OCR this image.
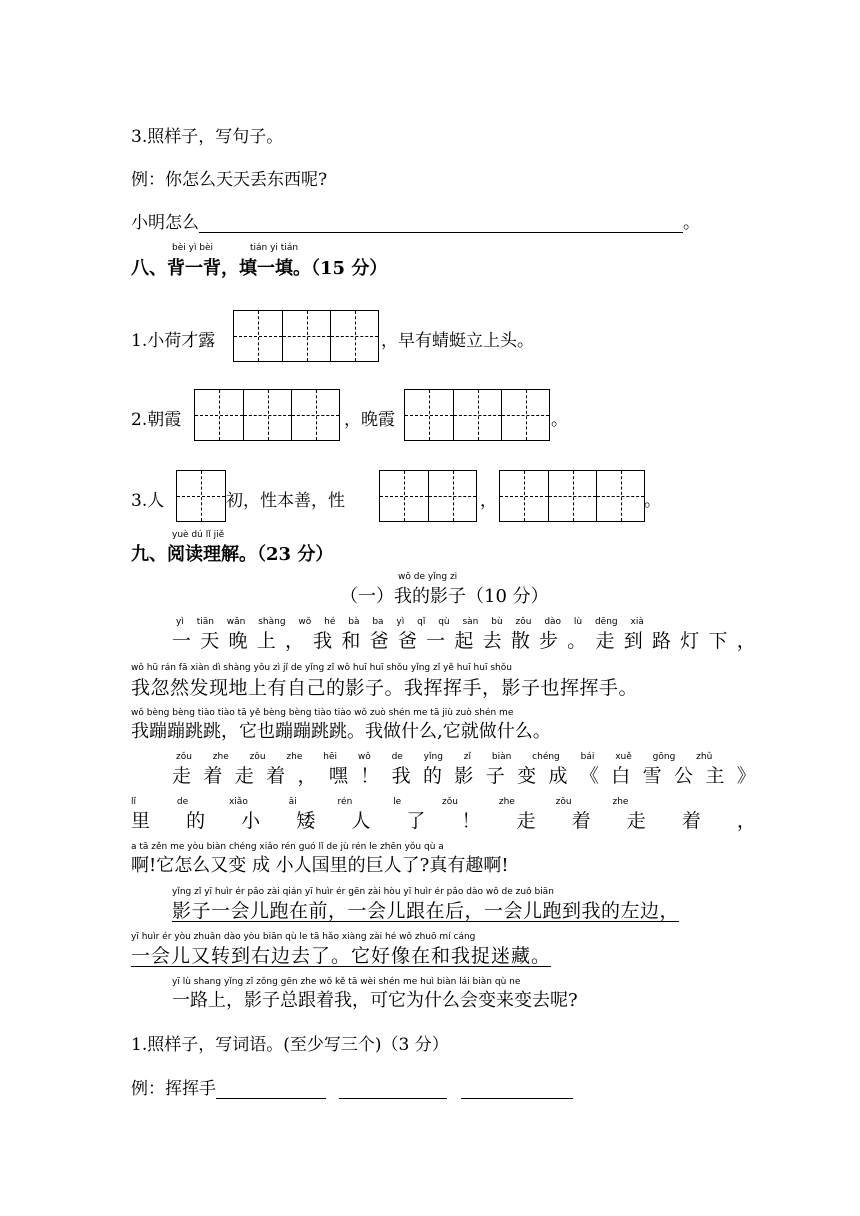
3.照样子，写句子。
例：你怎么天天丢东西呢?
小明怎么	。
bèi yì bèi	tián yi tián
八、背一背，填一填。（15 分）
1.小荷才露	，早有蜻蜓立上头。
2.朝霞	，晚霞	。
3.人	初，性本善，性	，	。
yuè dú lǐ jiě
九、阅读理解。（23 分）
wǒ de yǐng zi
（一）我的影子（10 分）
yì tiān wǎn shàng wǒ hé bà ba yì qǐ qù sàn bù zǒu dào lù dēng xià
一 天 晚 上 ， 我 和 爸 爸 一 起 去 散 步 。 走 到 路 灯 下 ，
wǒ hū rán fā xiàn dì shàng yǒu zì jǐ de yǐng zǐ wǒ huī huī shǒu yǐng zǐ yě huī huī shǒu
我忽然发现地上有自己的影子。我挥挥手，影子也挥挥手。
wǒ bèng bèng tiào tiào tā yě bèng bèng tiào tiào wǒ zuò shén me tā jiù zuò shén me
我蹦蹦跳跳，它也蹦蹦跳跳。我做什么,它就做什么。
zǒu zhe zǒu zhe hēi wǒ de yǐng zǐ biàn chéng bái xuě gōng zhǔ
走 着 走 着 ， 嘿 ！ 我 的 影 子 变 成 《 白 雪 公 主 》
lǐ de xiǎo ǎi rén le zǒu zhe zǒu zhe
里 的 小 矮 人 了 ！ 走 着 走 着 ，
a tā zěn me yòu biàn chéng xiǎo rén guó lǐ de jù rén le zhēn yǒu qù a
啊!它怎么又变 成 小人国里的巨人了?真有趣啊!
yǐng zǐ yī huìr ér pǎo zài qián yī huìr ér gēn zài hòu yī huìr ér pǎo dào wǒ de zuǒ biān
影子一会儿跑在前，一会儿跟在后，一会儿跑到我的左边，
yī huìr ér yòu zhuǎn dào yòu biān qù le tā hǎo xiàng zài hé wǒ zhuō mí cáng
一会儿又转到右边去了。它好像在和我捉迷藏。
yī lù shang yǐng zǐ zǒng gēn zhe wǒ kě tā wèi shén me huì biàn lái biàn qù ne
一路上，影子总跟着我，可它为什么会变来变去呢?
1.照样子，写词语。(至少写三个)（3 分）
例：挥挥手
